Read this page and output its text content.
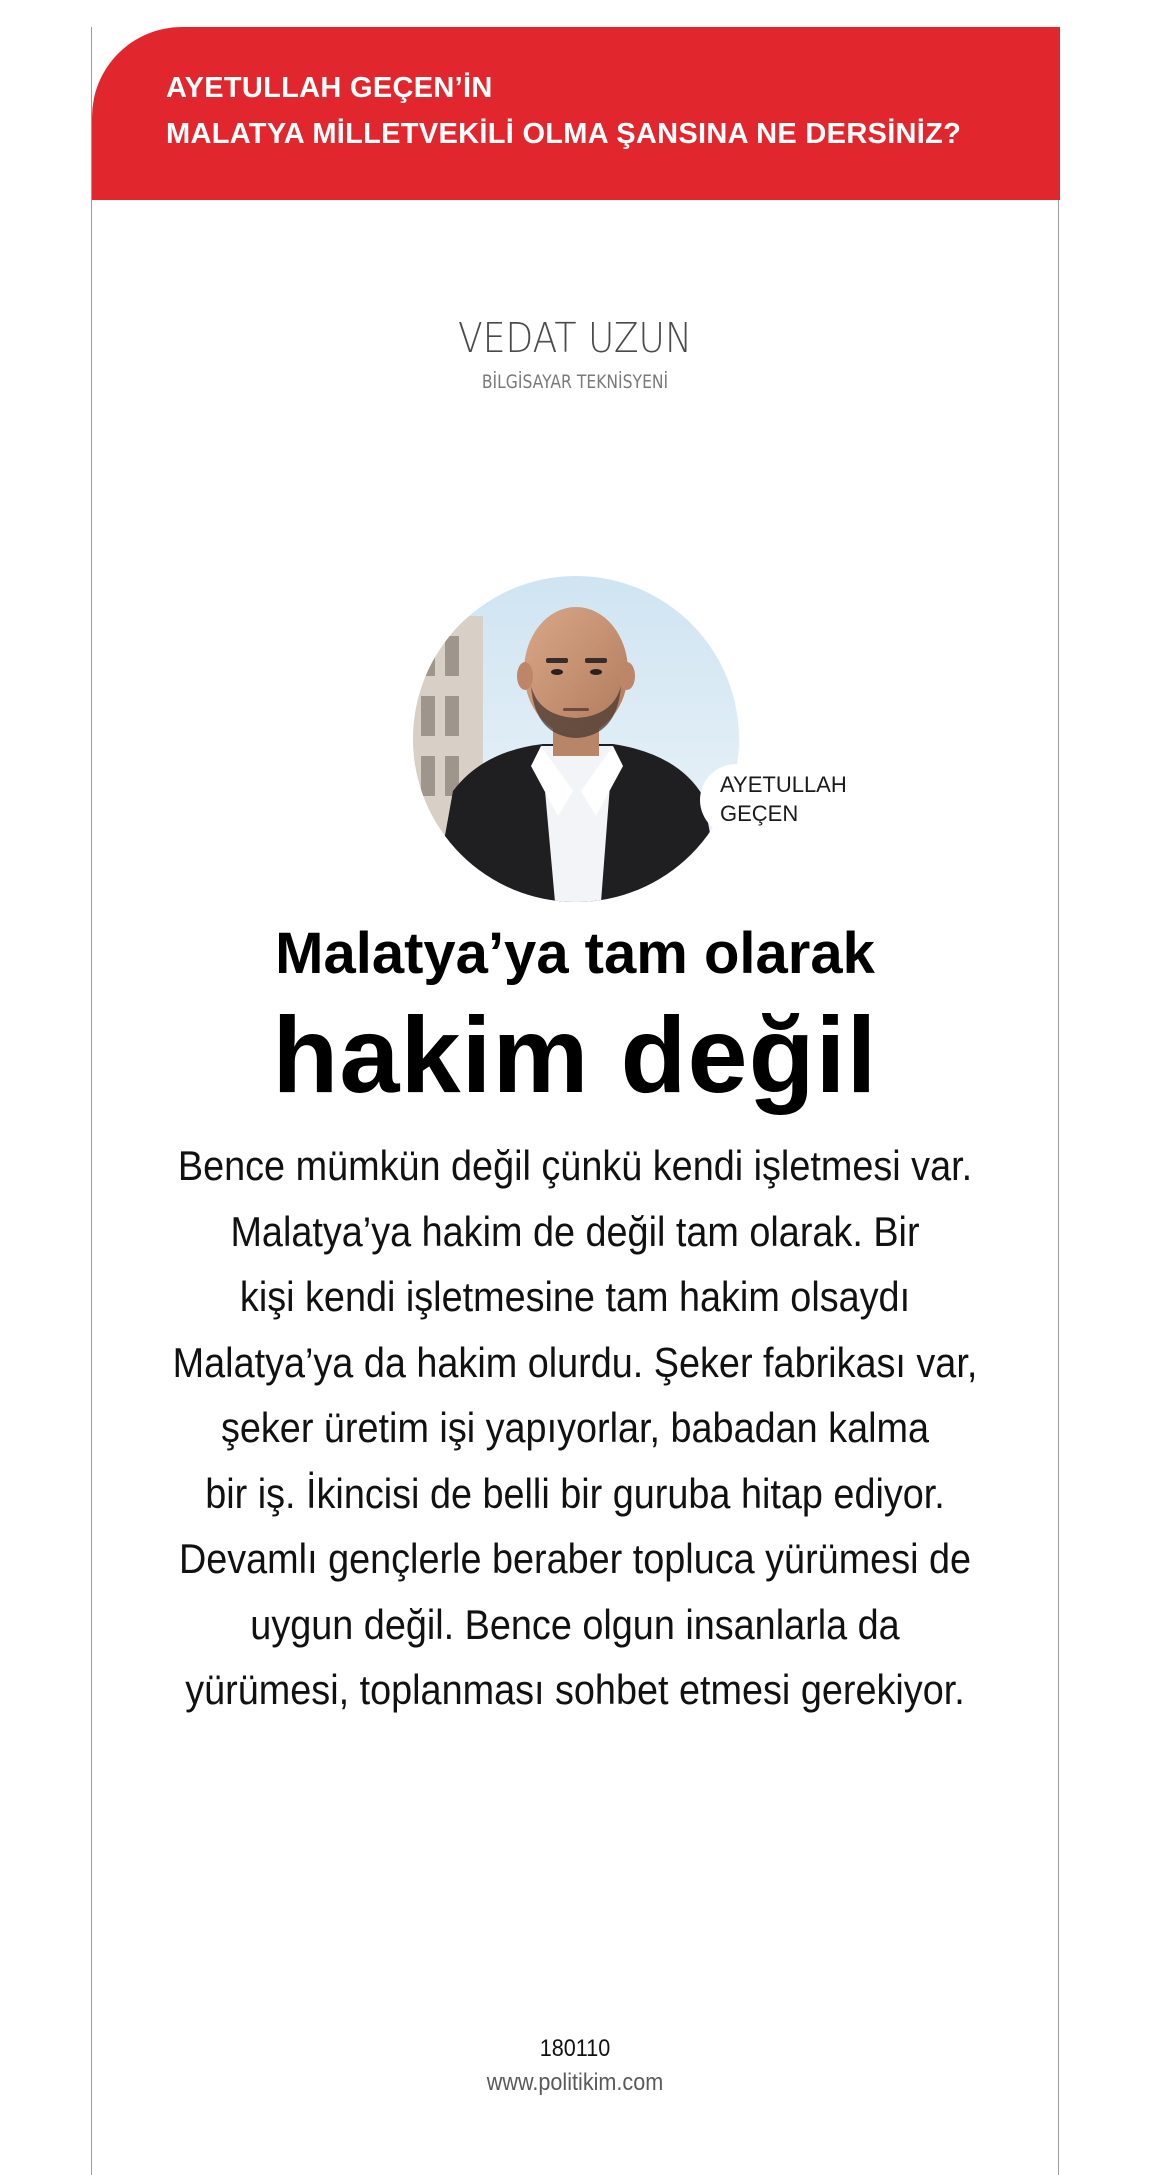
AYETULLAH GEÇEN’İN
MALATYA MİLLETVEKİLİ OLMA ŞANSINA NE DERSİNİZ?
VEDAT UZUN
BİLGİSAYAR TEKNİSYENİ
AYETULLAH
GEÇEN
Malatya’ya tam olarak
hakim değil
Bence mümkün değil çünkü kendi işletmesi var.
Malatya’ya hakim de değil tam olarak. Bir
kişi kendi işletmesine tam hakim olsaydı
Malatya’ya da hakim olurdu. Şeker fabrikası var,
şeker üretim işi yapıyorlar, babadan kalma
bir iş. İkincisi de belli bir guruba hitap ediyor.
Devamlı gençlerle beraber topluca yürümesi de
uygun değil. Bence olgun insanlarla da
yürümesi, toplanması sohbet etmesi gerekiyor.
180110
www.politikim.com
